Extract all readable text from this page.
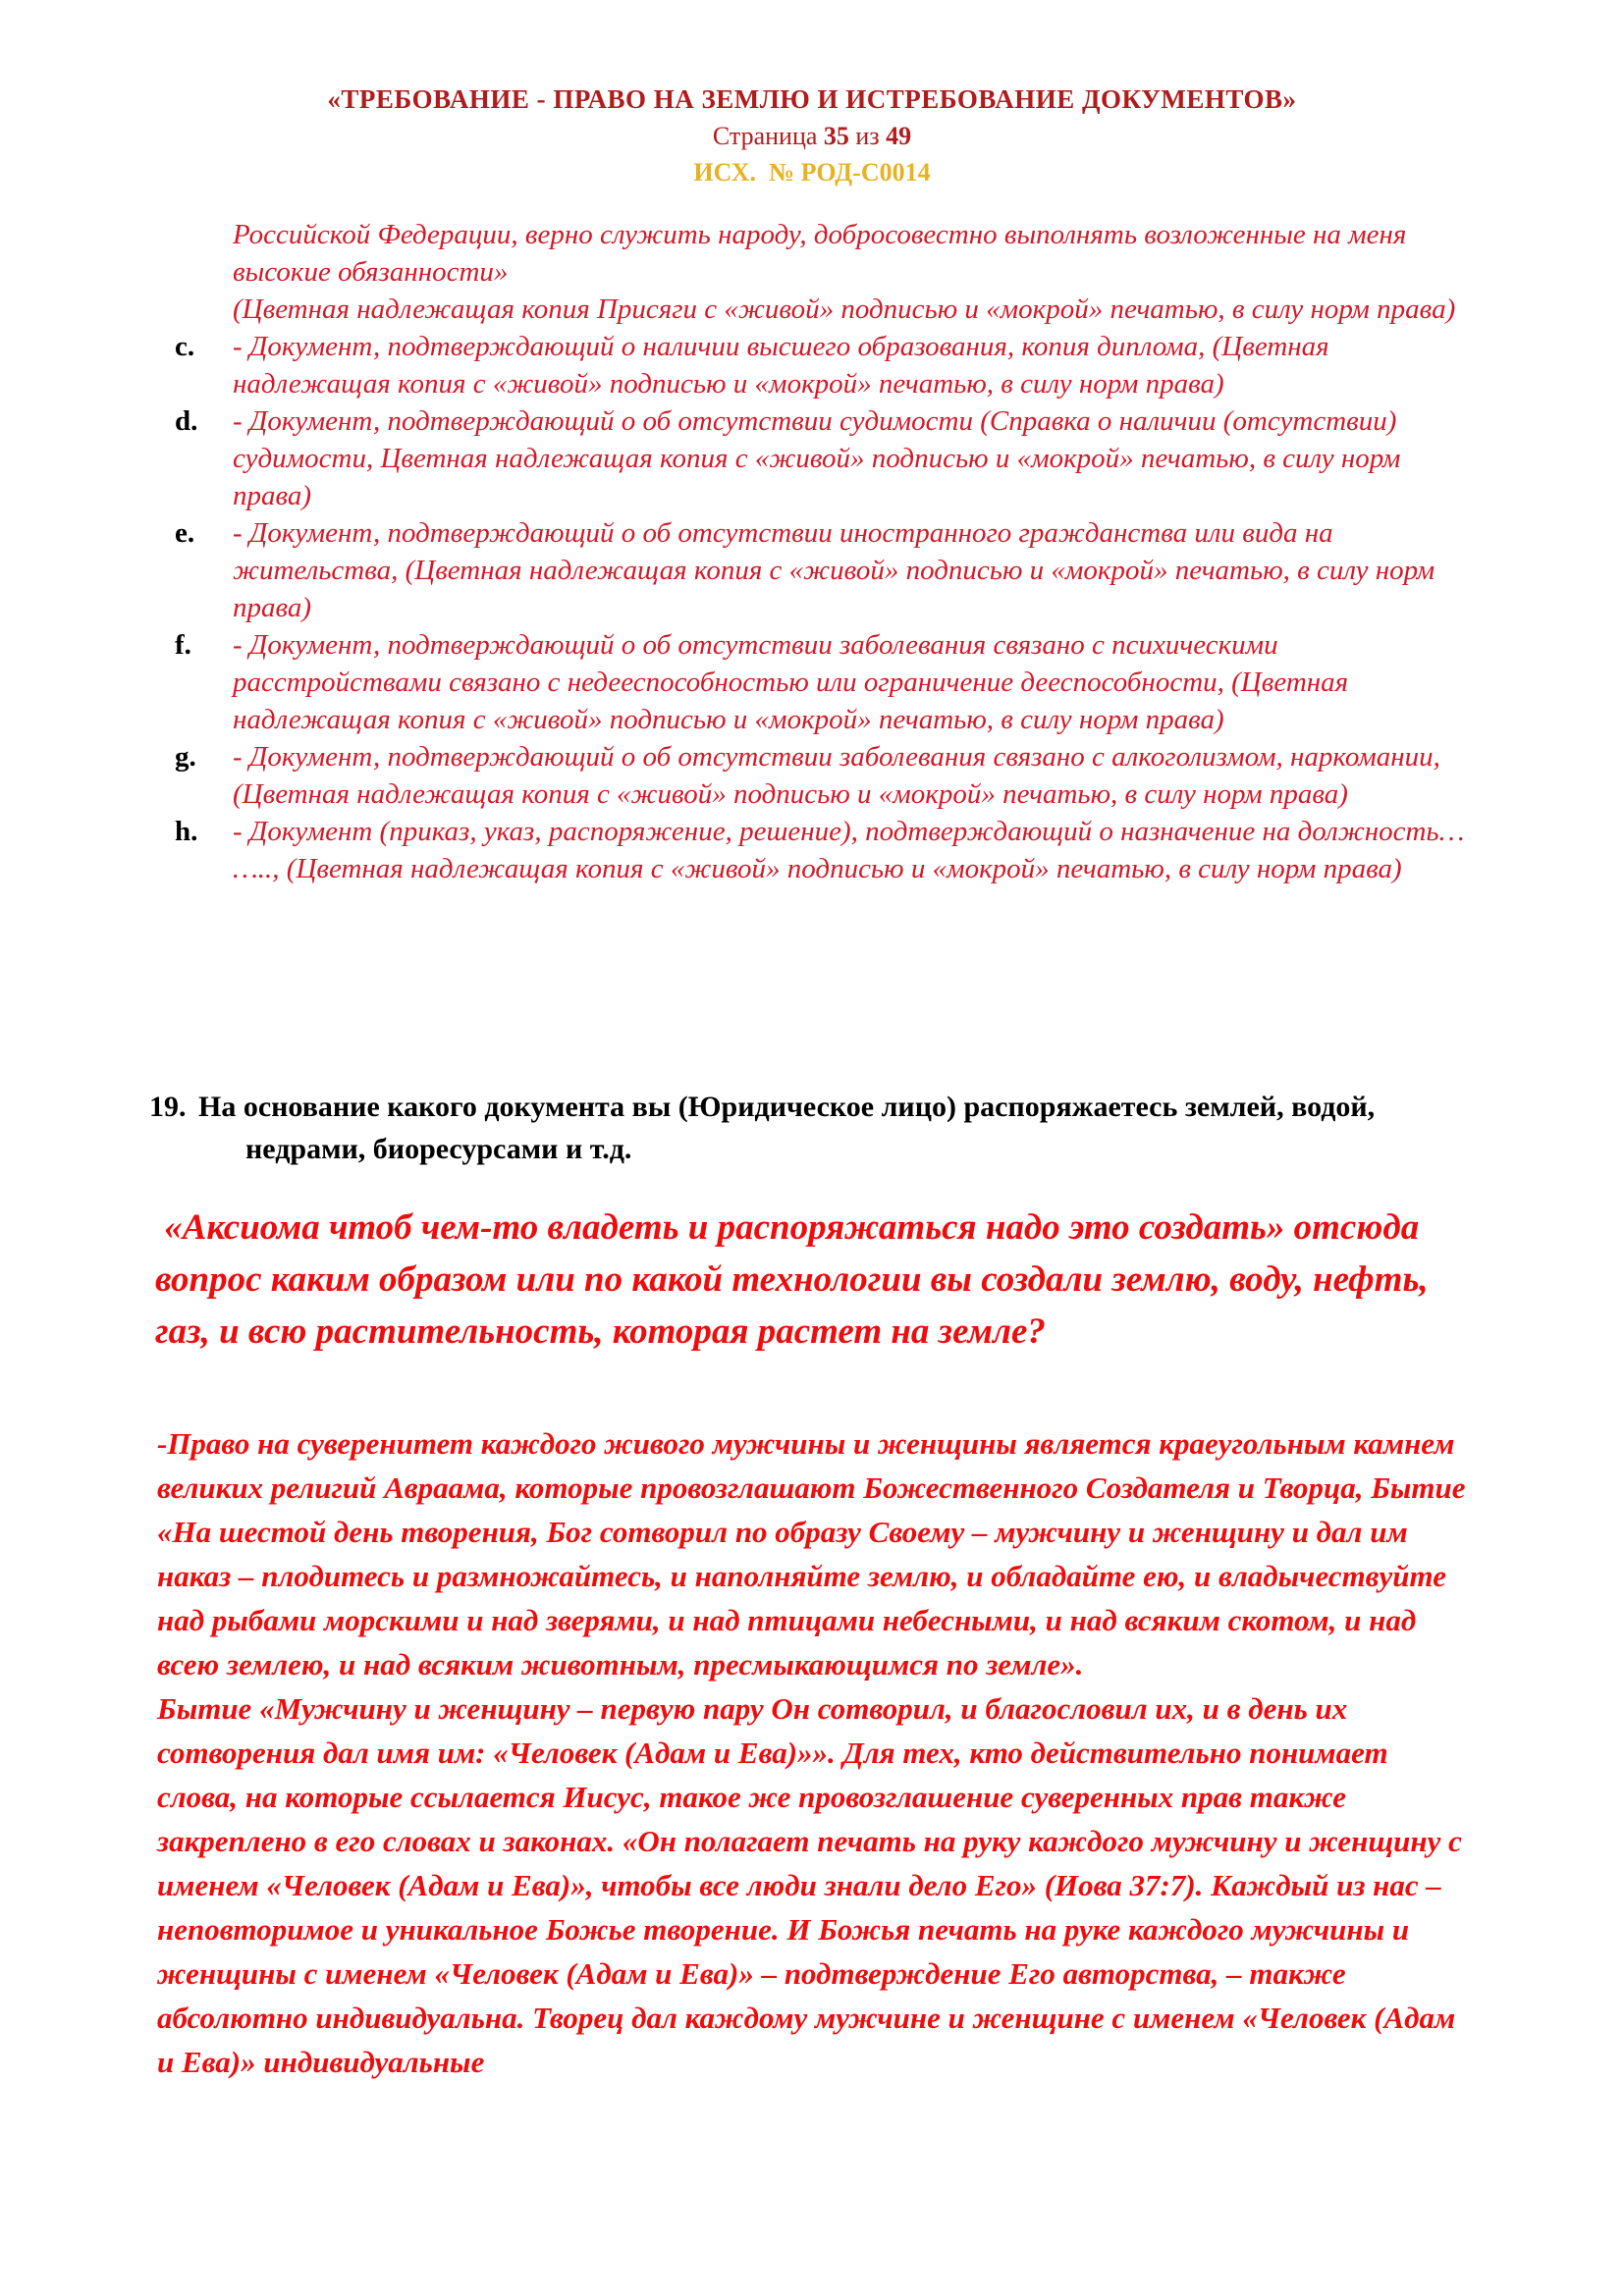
«ТРЕБОВАНИЕ - ПРАВО НА ЗЕМЛЮ И ИСТРЕБОВАНИЕ ДОКУМЕНТОВ»
Страница 35 из 49
ИСХ.  № РОД-С0014
Российской Федерации, верно служить народу, добросовестно выполнять возложенные на меня высокие обязанности»
(Цветная надлежащая копия Присяги с «живой» подписью и «мокрой» печатью, в силу норм права)
c.	- Документ, подтверждающий о наличии высшего образования, копия диплома, (Цветная надлежащая копия с «живой» подписью и «мокрой» печатью, в силу норм права)
d.	- Документ, подтверждающий о об отсутствии судимости (Справка о наличии (отсутствии) судимости, Цветная надлежащая копия с «живой» подписью и «мокрой» печатью, в силу норм права)
e.	- Документ, подтверждающий о об отсутствии иностранного гражданства или вида на жительства, (Цветная надлежащая копия с «живой» подписью и «мокрой» печатью, в силу норм права)
f.	- Документ, подтверждающий о об отсутствии заболевания связано с психическими расстройствами связано с недееспособностью или ограничение дееспособности, (Цветная надлежащая копия с «живой» подписью и «мокрой» печатью, в силу норм права)
g.	- Документ, подтверждающий о об отсутствии заболевания связано с алкоголизмом, наркомании, (Цветная надлежащая копия с «живой» подписью и «мокрой» печатью, в силу норм права)
h.	- Документ (приказ, указ, распоряжение, решение), подтверждающий о назначение на должность… ….., (Цветная надлежащая копия с «живой» подписью и «мокрой» печатью, в силу норм права)
19. На основание какого документа вы (Юридическое лицо) распоряжаетесь землей, водой, недрами, биоресурсами и т.д.
«Аксиома чтоб чем-то владеть и распоряжаться надо это создать» отсюда вопрос каким образом или по какой технологии вы создали землю, воду, нефть, газ, и всю растительность, которая растет на земле?

-Право на суверенитет каждого живого мужчины и женщины является краеугольным камнем великих религий Авраама, которые провозглашают Божественного Создателя и Творца, Бытие «На шестой день творения, Бог сотворил по образу Своему – мужчину и женщину и дал им наказ – плодитесь и размножайтесь, и наполняйте землю, и обладайте ею, и владычествуйте над рыбами морскими и над зверями, и над птицами небесными, и над всяким скотом, и над всею землею, и над всяким животным, пресмыкающимся по земле».

Бытие «Мужчину и женщину – первую пару Он сотворил, и благословил их, и в день их сотворения дал имя им: «Человек (Адам и Ева)»». Для тех, кто действительно понимает слова, на которые ссылается Иисус, такое же провозглашение суверенных прав также закреплено в его словах и законах. «Он полагает печать на руку каждого мужчину и женщину с именем «Человек (Адам и Ева)», чтобы все люди знали дело Его» (Иова 37:7). Каждый из нас – неповторимое и уникальное Божье творение. И Божья печать на руке каждого мужчины и женщины с именем «Человек (Адам и Ева)» – подтверждение Его авторства, – также абсолютно индивидуальна. Творец дал каждому мужчине и женщине с именем «Человек (Адам и Ева)» индивидуальные
